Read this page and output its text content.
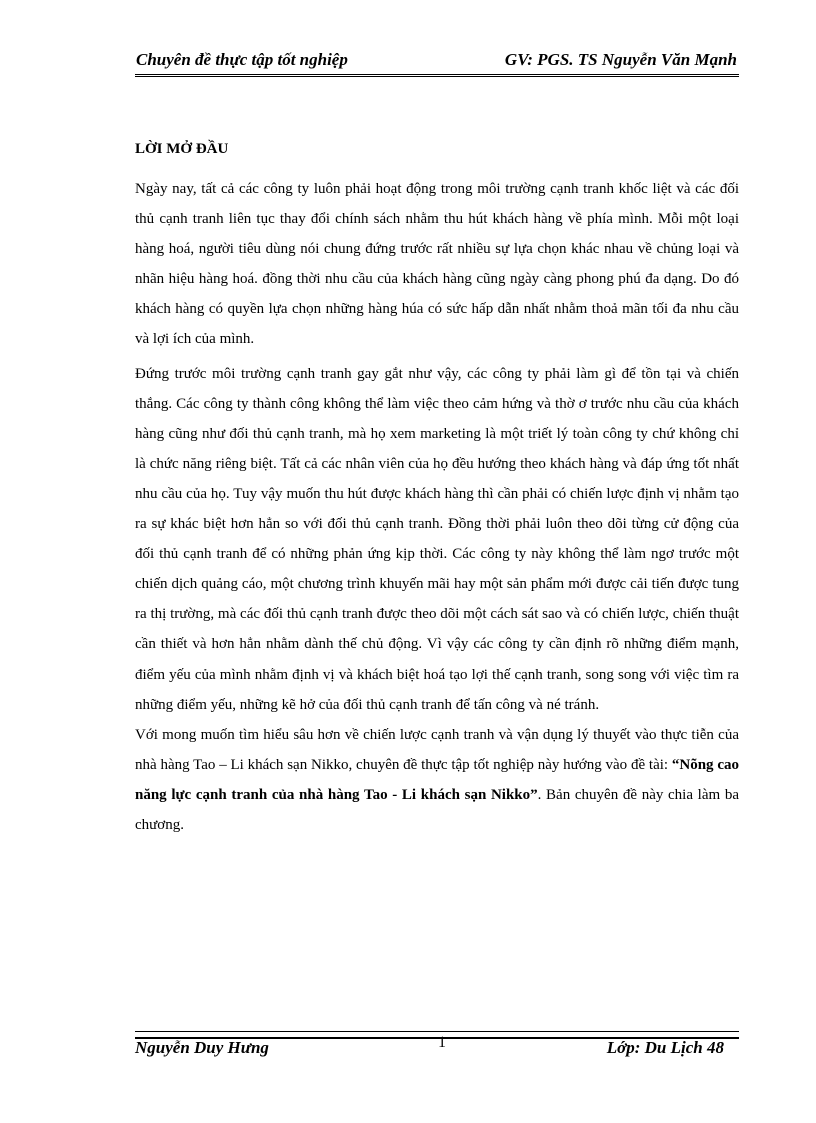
Chuyên đề thực tập tốt nghiệp	GV: PGS. TS Nguyễn Văn Mạnh
LỜI MỞ ĐẦU

Ngày nay, tất cả các công ty luôn phải hoạt động trong môi trường cạnh tranh khốc liệt và các đối thủ cạnh tranh liên tục thay đổi chính sách nhằm thu hút khách hàng về phía mình. Mỗi một loại hàng hoá, người tiêu dùng nói chung đứng trước rất nhiều sự lựa chọn khác nhau về chủng loại và nhãn hiệu hàng hoá. đồng thời nhu cầu của khách hàng cũng ngày càng phong phú đa dạng. Do đó khách hàng có quyền lựa chọn những hàng húa có sức hấp dẫn nhất nhằm thoả mãn tối đa nhu cầu và lợi ích của mình.

Đứng trước môi trường cạnh tranh gay gắt như vậy, các công ty phải làm gì để tồn tại và chiến thắng. Các công ty thành công không thể làm việc theo cảm hứng và thờ ơ trước nhu cầu của khách hàng cũng như đối thủ cạnh tranh, mà họ xem marketing là một triết lý toàn công ty chứ không chỉ là chức năng riêng biệt. Tất cả các nhân viên của họ đều hướng theo khách hàng và đáp ứng tốt nhất nhu cầu của họ. Tuy vậy muốn thu hút được khách hàng thì cần phải có chiến lược định vị nhằm tạo ra sự khác biệt hơn hẳn so với đối thủ cạnh tranh. Đồng thời phải luôn theo dõi từng cử động của đối thủ cạnh tranh để có những phản ứng kịp thời. Các công ty này không thể làm ngơ trước một chiến dịch quảng cáo, một chương trình khuyến mãi hay một sản phẩm mới được cải tiến được tung ra thị trường, mà các đối thủ cạnh tranh được theo dõi một cách sát sao và có chiến lược, chiến thuật cần thiết và hơn hẳn nhằm dành thế chủ động. Vì vậy các công ty cần định rõ những điểm mạnh, điểm yếu của mình nhằm định vị và khách biệt hoá tạo lợi thế cạnh tranh, song song với việc tìm ra những điểm yếu, những kẽ hở của đối thủ cạnh tranh để tấn công và né tránh.

Với mong muốn tìm hiểu sâu hơn về chiến lược cạnh tranh và vận dụng lý thuyết vào thực tiễn của nhà hàng Tao – Li khách sạn Nikko, chuyên đề thực tập tốt nghiệp này hướng vào đề tài: “Nõng cao năng lực cạnh tranh của nhà hàng Tao - Li khách sạn Nikko”. Bản chuyên đề này chia làm ba chương.

Nguyễn Duy Hưng	1	Lớp: Du Lịch 48
